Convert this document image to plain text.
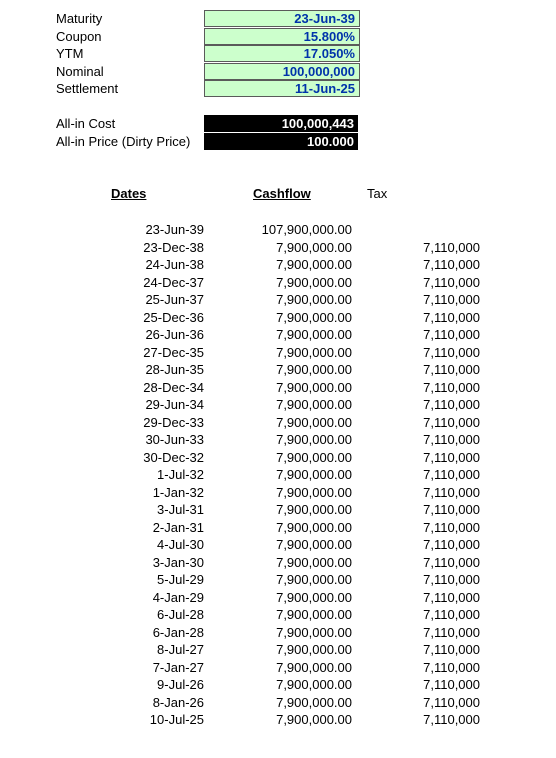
Maturity	23-Jun-39
Coupon	15.800%
YTM	17.050%
Nominal	100,000,000
Settlement	11-Jun-25
All-in Cost	100,000,443
All-in Price (Dirty Price)	100.000
Dates	Cashflow	Tax
23-Jun-39	107,900,000.00
23-Dec-38	7,900,000.00	7,110,000
24-Jun-38	7,900,000.00	7,110,000
24-Dec-37	7,900,000.00	7,110,000
25-Jun-37	7,900,000.00	7,110,000
25-Dec-36	7,900,000.00	7,110,000
26-Jun-36	7,900,000.00	7,110,000
27-Dec-35	7,900,000.00	7,110,000
28-Jun-35	7,900,000.00	7,110,000
28-Dec-34	7,900,000.00	7,110,000
29-Jun-34	7,900,000.00	7,110,000
29-Dec-33	7,900,000.00	7,110,000
30-Jun-33	7,900,000.00	7,110,000
30-Dec-32	7,900,000.00	7,110,000
1-Jul-32	7,900,000.00	7,110,000
1-Jan-32	7,900,000.00	7,110,000
3-Jul-31	7,900,000.00	7,110,000
2-Jan-31	7,900,000.00	7,110,000
4-Jul-30	7,900,000.00	7,110,000
3-Jan-30	7,900,000.00	7,110,000
5-Jul-29	7,900,000.00	7,110,000
4-Jan-29	7,900,000.00	7,110,000
6-Jul-28	7,900,000.00	7,110,000
6-Jan-28	7,900,000.00	7,110,000
8-Jul-27	7,900,000.00	7,110,000
7-Jan-27	7,900,000.00	7,110,000
9-Jul-26	7,900,000.00	7,110,000
8-Jan-26	7,900,000.00	7,110,000
10-Jul-25	7,900,000.00	7,110,000
